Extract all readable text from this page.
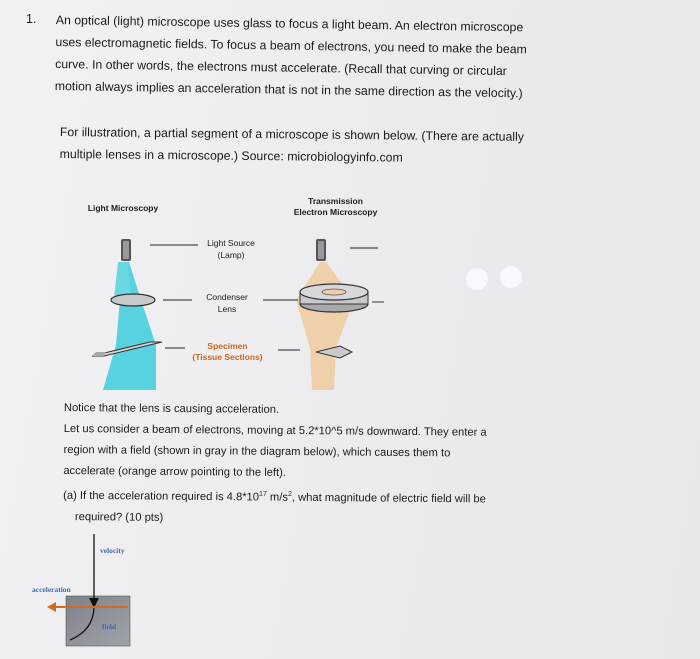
1. An optical (light) microscope uses glass to focus a light beam. An electron microscope
uses electromagnetic fields. To focus a beam of electrons, you need to make the beam
curve. In other words, the electrons must accelerate. (Recall that curving or circular
motion always implies an acceleration that is not in the same direction as the velocity.)
For illustration, a partial segment of a microscope is shown below. (There are actually
multiple lenses in a microscope.) Source: microbiologyinfo.com
Light Microscopy
Transmission
Electron Microscopy
Light Source
(Lamp)
Condenser
Lens
Specimen
(Tissue Sections)
Notice that the lens is causing acceleration.
Let us consider a beam of electrons, moving at 5.2*10^5 m/s downward. They enter a
region with a field (shown in gray in the diagram below), which causes them to
accelerate (orange arrow pointing to the left).
(a) If the acceleration required is $4.8*10^{17}$ $m/s^2$, what magnitude of electric field will be
required? (10 pts)
velocity
acceleration
field
